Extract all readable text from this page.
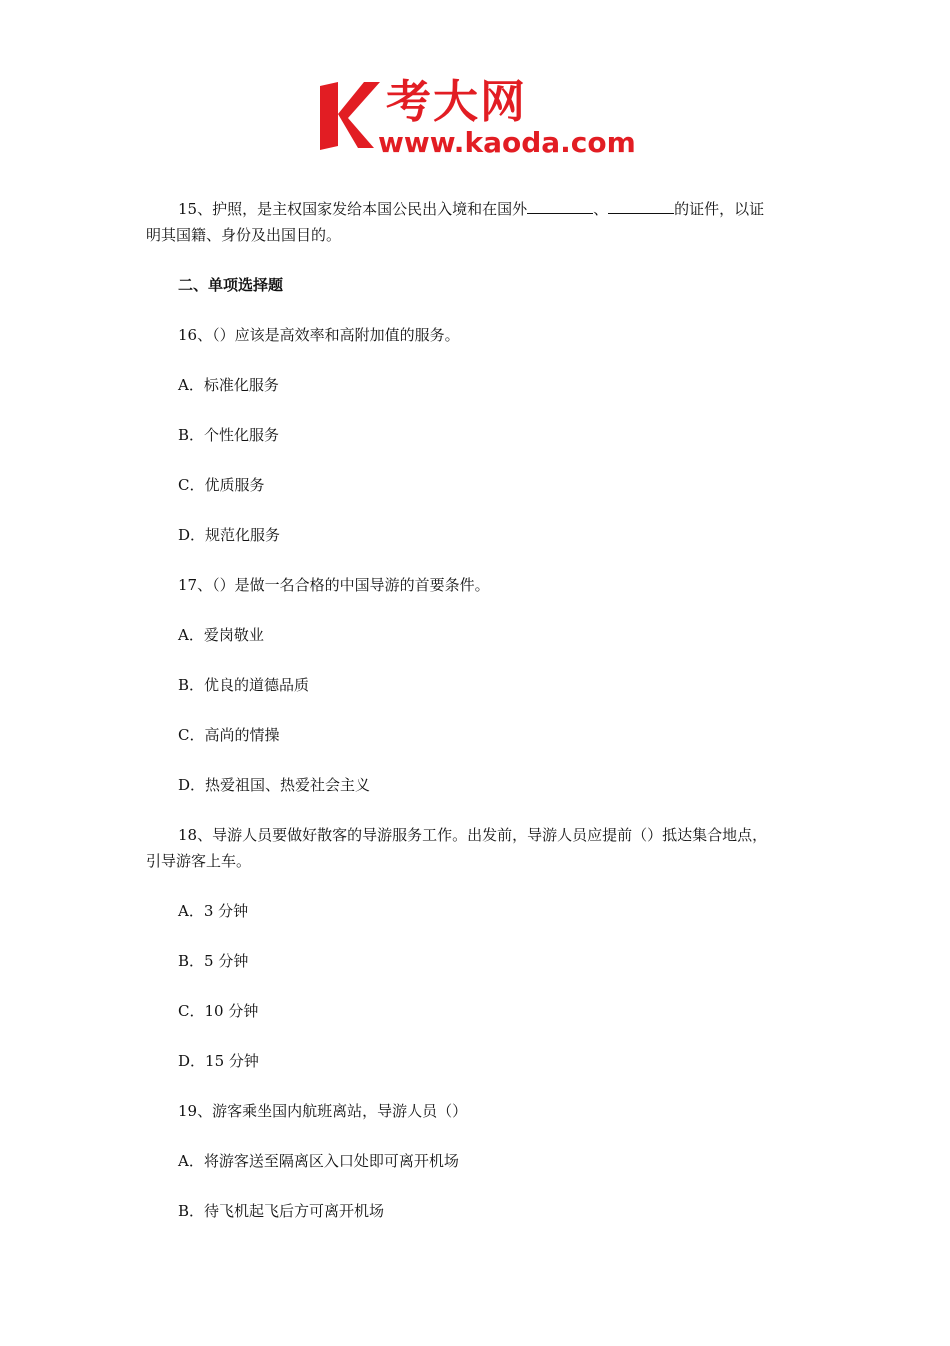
考大网
www.kaoda.com
15、护照，是主权国家发给本国公民出入境和在国外	、	的证件，以证
明其国籍、身份及出国目的。
二、单项选择题
16、（）应该是高效率和高附加值的服务。
A．标准化服务
B．个性化服务
C．优质服务
D．规范化服务
17、（）是做一名合格的中国导游的首要条件。
A．爱岗敬业
B．优良的道德品质
C．高尚的情操
D．热爱祖国、热爱社会主义
18、导游人员要做好散客的导游服务工作。出发前，导游人员应提前（）抵达集合地点，
引导游客上车。
A．3 分钟
B．5 分钟
C．10 分钟
D．15 分钟
19、游客乘坐国内航班离站，导游人员（）
A．将游客送至隔离区入口处即可离开机场
B．待飞机起飞后方可离开机场
